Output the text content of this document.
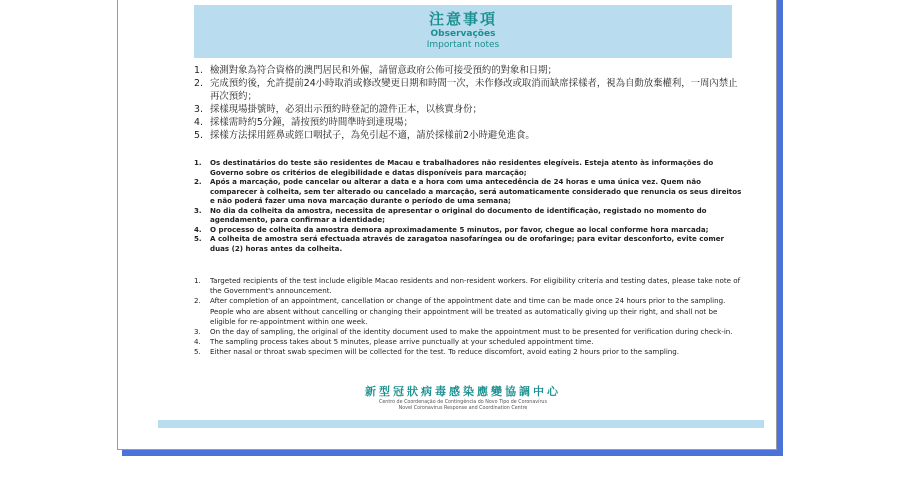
注意事項
Observações
Important notes
1. 檢測對象為符合資格的澳門居民和外僱，請留意政府公佈可接受預約的對象和日期；
2. 完成預約後，允許提前24小時取消或修改變更日期和時間一次，未作修改或取消而缺席採樣者，視為自動放棄權利，一周內禁止再次預約；
3. 採樣現場掛號時，必須出示預約時登記的證件正本，以核實身份；
4. 採樣需時約5分鐘，請按預約時間準時到達現場；
5. 採樣方法採用經鼻或經口咽拭子，為免引起不適，請於採樣前2小時避免進食。
1. Os destinatários do teste são residentes de Macau e trabalhadores não residentes elegíveis. Esteja atento às informações do Governo sobre os critérios de elegibilidade e datas disponíveis para marcação;
2. Após a marcação, pode cancelar ou alterar a data e a hora com uma antecedência de 24 horas e uma única vez. Quem não comparecer à colheita, sem ter alterado ou cancelado a marcação, será automaticamente considerado que renuncia os seus direitos e não poderá fazer uma nova marcação durante o período de uma semana;
3. No dia da colheita da amostra, necessita de apresentar o original do documento de identificação, registado no momento do agendamento, para confirmar a identidade;
4. O processo de colheita da amostra demora aproximadamente 5 minutos, por favor, chegue ao local conforme hora marcada;
5. A colheita de amostra será efectuada através de zaragatoa nasofaríngea ou de orofaringe; para evitar desconforto, evite comer duas (2) horas antes da colheita.
1. Targeted recipients of the test include eligible Macao residents and non-resident workers. For eligibility criteria and testing dates, please take note of the Government's announcement.
2. After completion of an appointment, cancellation or change of the appointment date and time can be made once 24 hours prior to the sampling. People who are absent without cancelling or changing their appointment will be treated as automatically giving up their right, and shall not be eligible for re-appointment within one week.
3. On the day of sampling, the original of the identity document used to make the appointment must to be presented for verification during check-in.
4. The sampling process takes about 5 minutes, please arrive punctually at your scheduled appointment time.
5. Either nasal or throat swab specimen will be collected for the test. To reduce discomfort, avoid eating 2 hours prior to the sampling.
新型冠狀病毒感染應變協調中心
Centro de Coordenação de Contingência do Novo Tipo de Coronavírus
Novel Coronavirus Response and Coordination Centre
